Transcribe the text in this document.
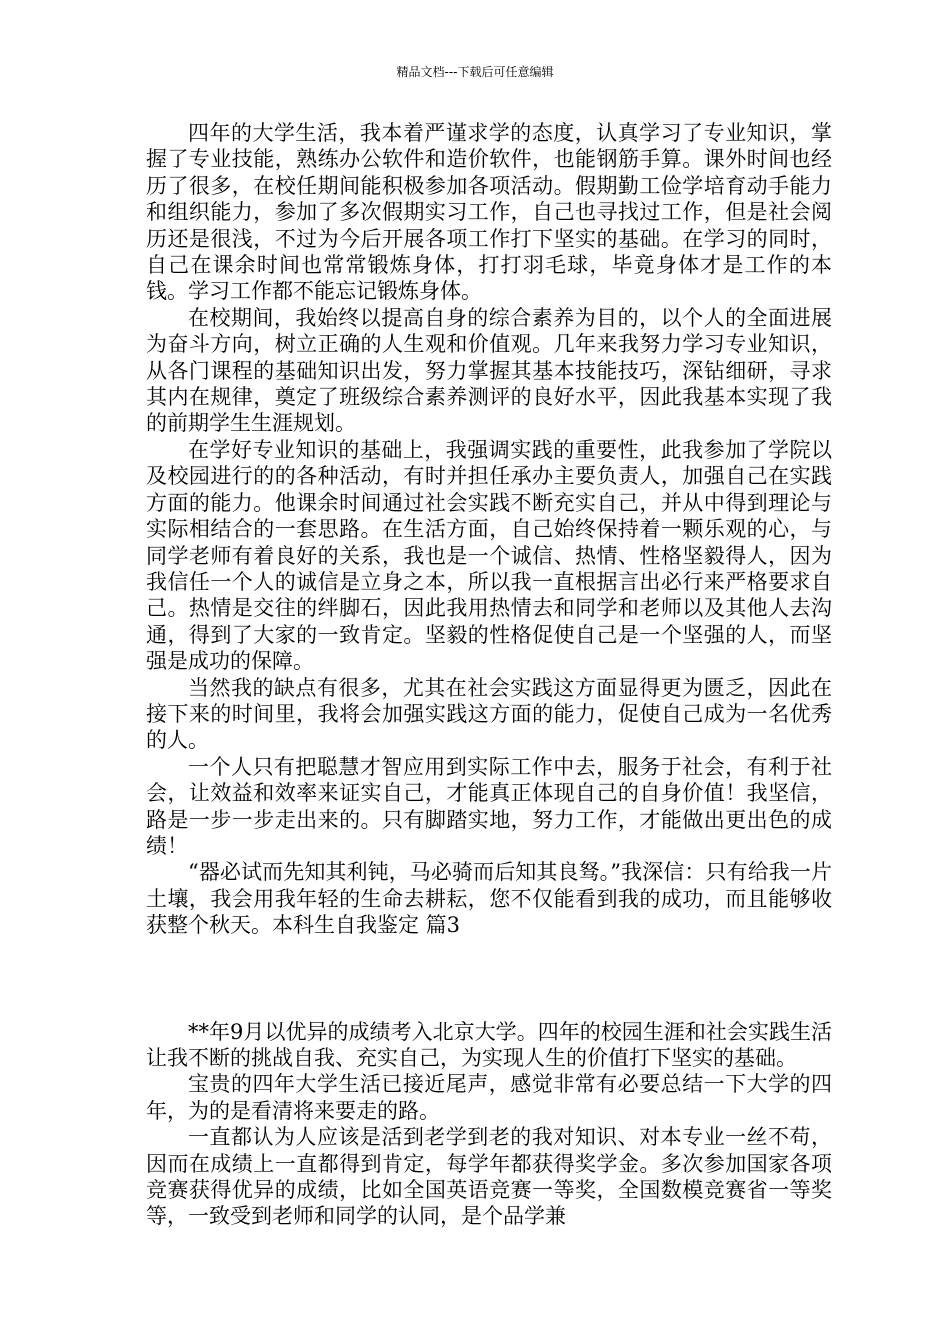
精品文档---下载后可任意编辑

四年的大学生活，我本着严谨求学的态度，认真学习了专业知识，掌握了专业技能，熟练办公软件和造价软件，也能钢筋手算。课外时间也经历了很多，在校任期间能积极参加各项活动。假期勤工俭学培育动手能力和组织能力，参加了多次假期实习工作，自己也寻找过工作，但是社会阅历还是很浅，不过为今后开展各项工作打下坚实的基础。在学习的同时，自己在课余时间也常常锻炼身体，打打羽毛球，毕竟身体才是工作的本钱。学习工作都不能忘记锻炼身体。

在校期间，我始终以提高自身的综合素养为目的，以个人的全面进展为奋斗方向，树立正确的人生观和价值观。几年来我努力学习专业知识，从各门课程的基础知识出发，努力掌握其基本技能技巧，深钻细研，寻求其内在规律，奠定了班级综合素养测评的良好水平，因此我基本实现了我的前期学生生涯规划。

在学好专业知识的基础上，我强调实践的重要性，此我参加了学院以及校园进行的的各种活动，有时并担任承办主要负责人，加强自己在实践方面的能力。他课余时间通过社会实践不断充实自己，并从中得到理论与实际相结合的一套思路。在生活方面，自己始终保持着一颗乐观的心，与同学老师有着良好的关系，我也是一个诚信、热情、性格坚毅得人，因为我信任一个人的诚信是立身之本，所以我一直根据言出必行来严格要求自己。热情是交往的绊脚石，因此我用热情去和同学和老师以及其他人去沟通，得到了大家的一致肯定。坚毅的性格促使自己是一个坚强的人，而坚强是成功的保障。

当然我的缺点有很多，尤其在社会实践这方面显得更为匮乏，因此在接下来的时间里，我将会加强实践这方面的能力，促使自己成为一名优秀的人。

一个人只有把聪慧才智应用到实际工作中去，服务于社会，有利于社会，让效益和效率来证实自己，才能真正体现自己的自身价值！我坚信，路是一步一步走出来的。只有脚踏实地，努力工作，才能做出更出色的成绩！

“器必试而先知其利钝，马必骑而后知其良驽。”我深信：只有给我一片土壤，我会用我年轻的生命去耕耘，您不仅能看到我的成功，而且能够收获整个秋天。本科生自我鉴定 篇3

**年9月以优异的成绩考入北京大学。四年的校园生涯和社会实践生活让我不断的挑战自我、充实自己，为实现人生的价值打下坚实的基础。

宝贵的四年大学生活已接近尾声，感觉非常有必要总结一下大学的四年，为的是看清将来要走的路。

一直都认为人应该是活到老学到老的我对知识、对本专业一丝不苟，因而在成绩上一直都得到肯定，每学年都获得奖学金。多次参加国家各项竞赛获得优异的成绩，比如全国英语竞赛一等奖，全国数模竞赛省一等奖等，一致受到老师和同学的认同，是个品学兼
